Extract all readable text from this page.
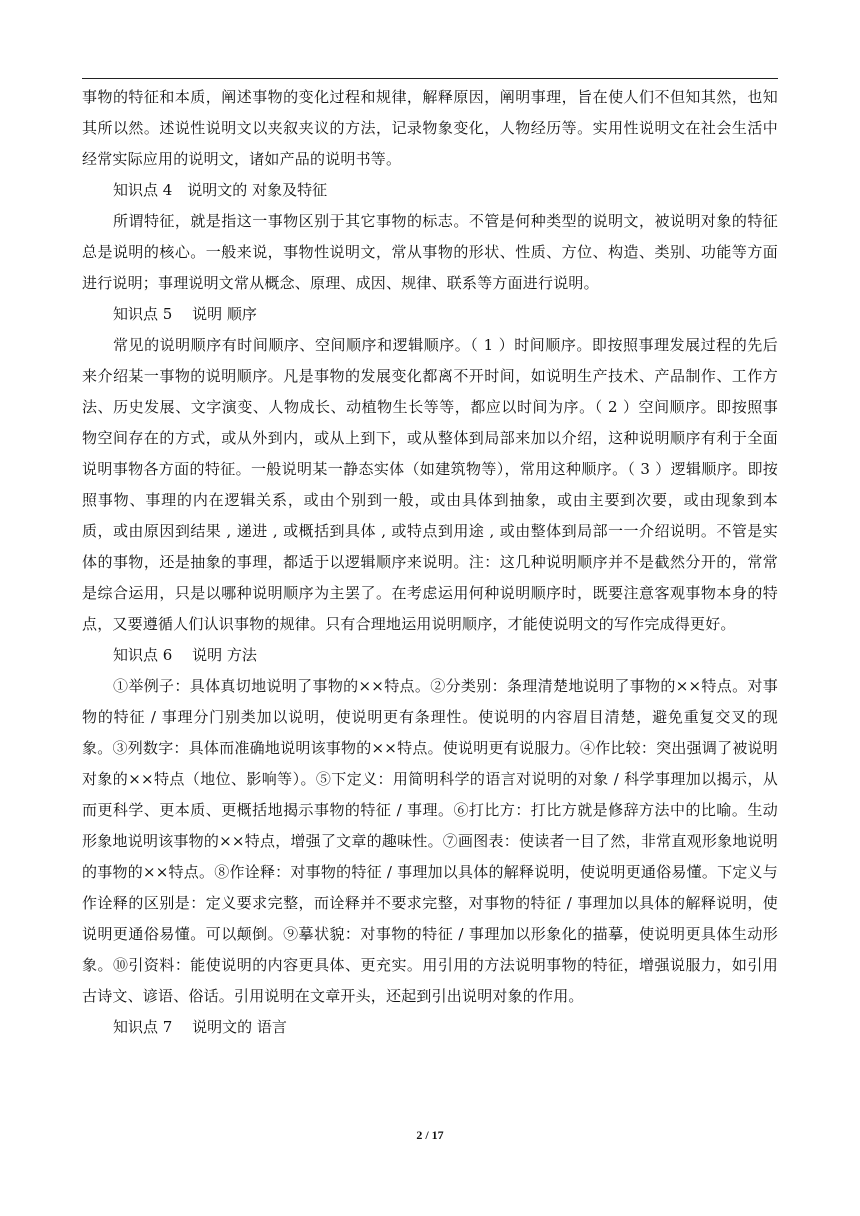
事物的特征和本质，阐述事物的变化过程和规律，解释原因，阐明事理，旨在使人们不但知其然，也知其所以然。述说性说明文以夹叙夹议的方法，记录物象变化，人物经历等。实用性说明文在社会生活中经常实际应用的说明文，诸如产品的说明书等。

知识点 4　说明文的 对象及特征

所谓特征，就是指这一事物区别于其它事物的标志。不管是何种类型的说明文，被说明对象的特征总是说明的核心。一般来说，事物性说明文，常从事物的形状、性质、方位、构造、类别、功能等方面进行说明；事理说明文常从概念、原理、成因、规律、联系等方面进行说明。

知识点 5　 说明 顺序

常见的说明顺序有时间顺序、空间顺序和逻辑顺序。（ 1 ）时间顺序。即按照事理发展过程的先后来介绍某一事物的说明顺序。凡是事物的发展变化都离不开时间，如说明生产技术、产品制作、工作方法、历史发展、文字演变、人物成长、动植物生长等等，都应以时间为序。（ 2 ）空间顺序。即按照事物空间存在的方式，或从外到内，或从上到下，或从整体到局部来加以介绍，这种说明顺序有利于全面说明事物各方面的特征。一般说明某一静态实体（如建筑物等），常用这种顺序。（ 3 ）逻辑顺序。即按照事物、事理的内在逻辑关系，或由个别到一般，或由具体到抽象，或由主要到次要，或由现象到本质，或由原因到结果 , 递进 , 或概括到具体 , 或特点到用途 , 或由整体到局部一一介绍说明。不管是实体的事物，还是抽象的事理，都适于以逻辑顺序来说明。注：这几种说明顺序并不是截然分开的，常常是综合运用，只是以哪种说明顺序为主罢了。在考虑运用何种说明顺序时，既要注意客观事物本身的特点，又要遵循人们认识事物的规律。只有合理地运用说明顺序，才能使说明文的写作完成得更好。

知识点 6　 说明 方法

①举例子：具体真切地说明了事物的××特点。②分类别：条理清楚地说明了事物的××特点。对事物的特征 / 事理分门别类加以说明，使说明更有条理性。使说明的内容眉目清楚，避免重复交叉的现象。③列数字：具体而准确地说明该事物的××特点。使说明更有说服力。④作比较：突出强调了被说明对象的××特点（地位、影响等）。⑤下定义：用简明科学的语言对说明的对象 / 科学事理加以揭示，从而更科学、更本质、更概括地揭示事物的特征 / 事理。⑥打比方：打比方就是修辞方法中的比喻。生动形象地说明该事物的××特点，增强了文章的趣味性。⑦画图表：使读者一目了然，非常直观形象地说明的事物的××特点。⑧作诠释：对事物的特征 / 事理加以具体的解释说明，使说明更通俗易懂。下定义与作诠释的区别是：定义要求完整，而诠释并不要求完整，对事物的特征 / 事理加以具体的解释说明，使说明更通俗易懂。可以颠倒。⑨摹状貌：对事物的特征 / 事理加以形象化的描摹，使说明更具体生动形象。⑩引资料：能使说明的内容更具体、更充实。用引用的方法说明事物的特征，增强说服力，如引用古诗文、谚语、俗话。引用说明在文章开头，还起到引出说明对象的作用。

知识点 7　 说明文的 语言

2 / 17
